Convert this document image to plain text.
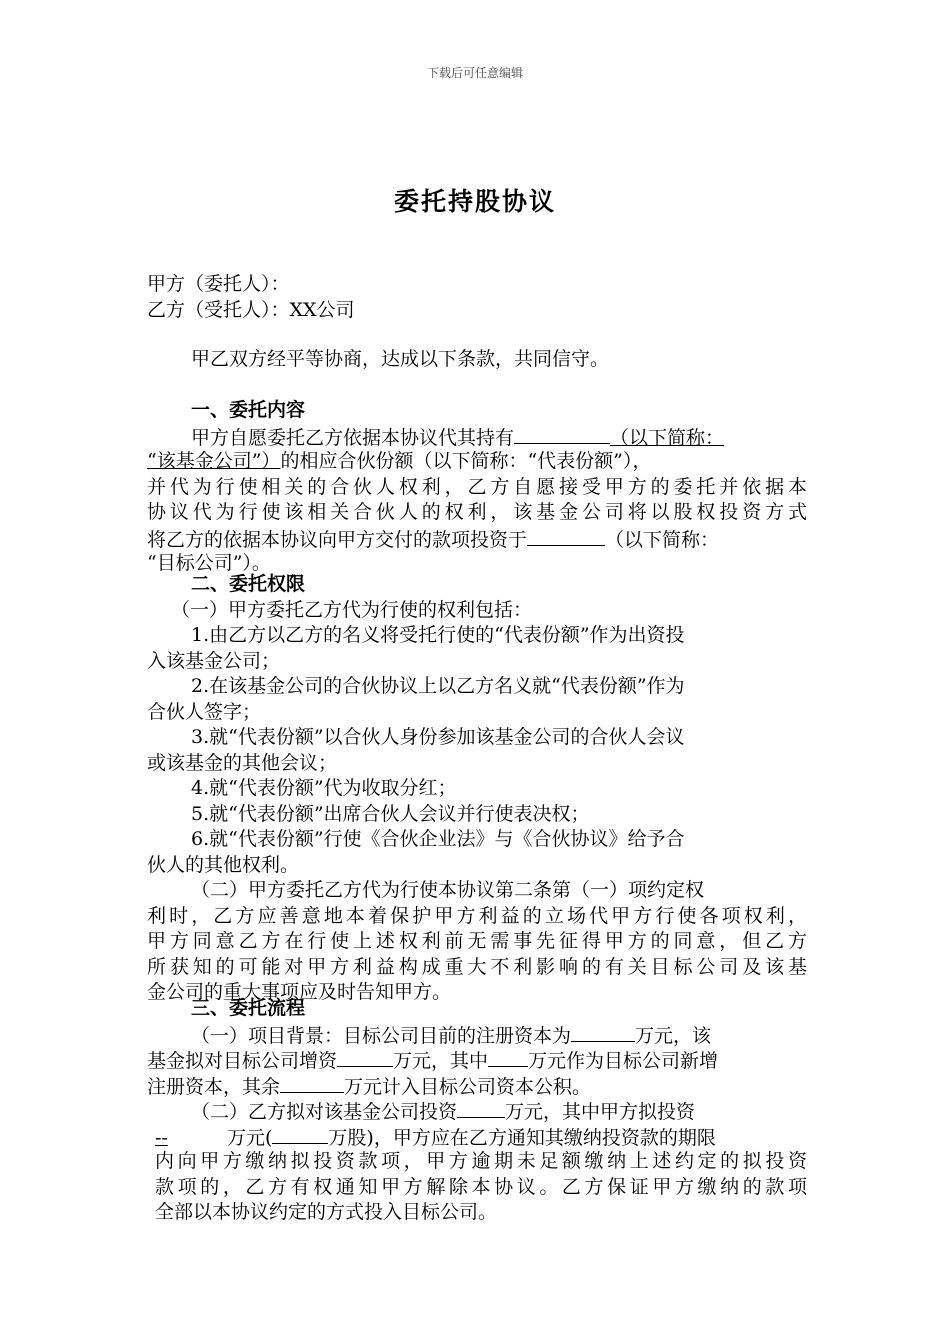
下载后可任意编辑
委托持股协议
甲方（委托人）：
乙方（受托人）：XX公司
甲乙双方经平等协商，达成以下条款，共同信守。
一、委托内容
甲方自愿委托乙方依据本协议代其持有	（以下简称：
“该基金公司”）的相应合伙份额（以下简称：“代表份额”），
并代为行使相关的合伙人权利，乙方自愿接受甲方的委托并依据本
协议代为行使该相关合伙人的权利，该基金公司将以股权投资方式
将乙方的依据本协议向甲方交付的款项投资于	（以下简称：
“目标公司”）。
二、委托权限
（一）甲方委托乙方代为行使的权利包括：
1.由乙方以乙方的名义将受托行使的“代表份额”作为出资投
入该基金公司；
2.在该基金公司的合伙协议上以乙方名义就“代表份额”作为
合伙人签字；
3.就“代表份额”以合伙人身份参加该基金公司的合伙人会议
或该基金的其他会议；
4.就“代表份额”代为收取分红；
5.就“代表份额”出席合伙人会议并行使表决权；
6.就“代表份额”行使《合伙企业法》与《合伙协议》给予合
伙人的其他权利。
（二）甲方委托乙方代为行使本协议第二条第（一）项约定权
利时，乙方应善意地本着保护甲方利益的立场代甲方行使各项权利，
甲方同意乙方在行使上述权利前无需事先征得甲方的同意，但乙方
所获知的可能对甲方利益构成重大不利影响的有关目标公司及该基
金公司的重大事项应及时告知甲方。
三、委托流程
（一）项目背景：目标公司目前的注册资本为	万元，该
基金拟对目标公司增资	万元，其中 万元作为目标公司新增
注册资本，其余	万元计入目标公司资本公积。
（二）乙方拟对该基金公司投资	万元，其中甲方拟投资
--	万元(	万股)，甲方应在乙方通知其缴纳投资款的期限
内向甲方缴纳拟投资款项，甲方逾期未足额缴纳上述约定的拟投资
款项的，乙方有权通知甲方解除本协议。乙方保证甲方缴纳的款项
全部以本协议约定的方式投入目标公司。
